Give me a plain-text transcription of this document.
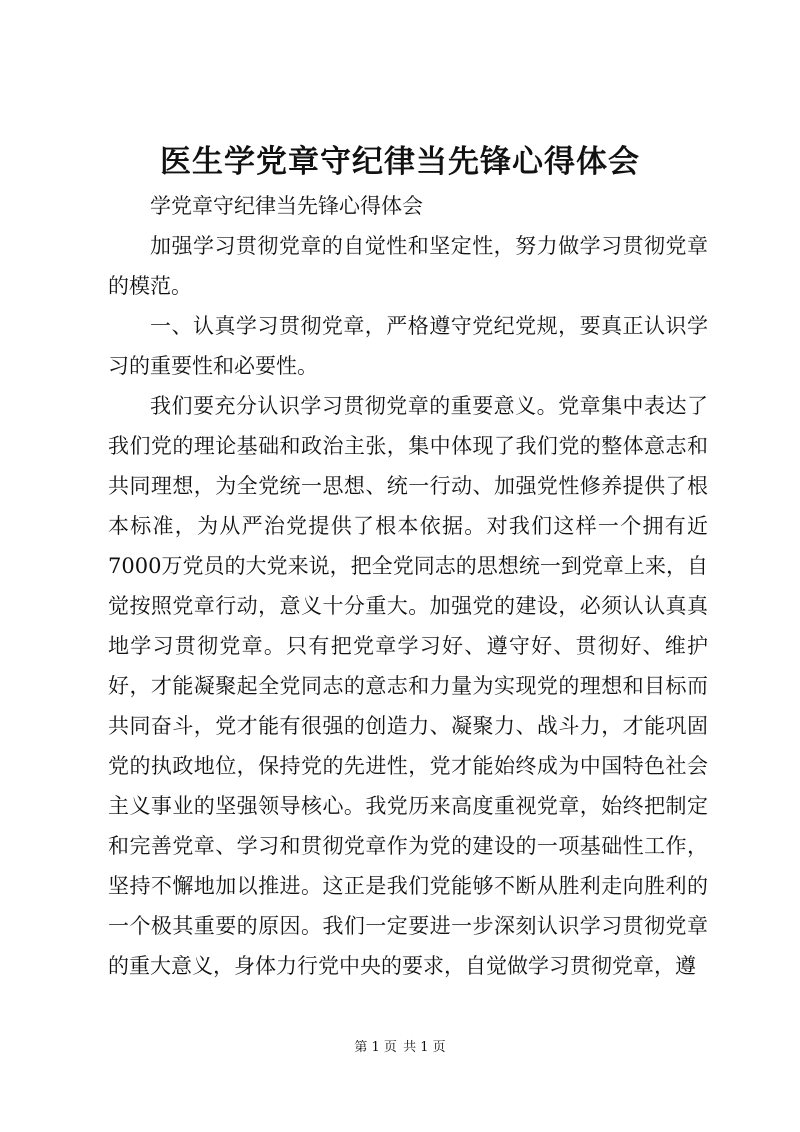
医生学党章守纪律当先锋心得体会

学党章守纪律当先锋心得体会

加强学习贯彻党章的自觉性和坚定性，努力做学习贯彻党章的模范。

一、认真学习贯彻党章，严格遵守党纪党规，要真正认识学习的重要性和必要性。

我们要充分认识学习贯彻党章的重要意义。党章集中表达了我们党的理论基础和政治主张，集中体现了我们党的整体意志和共同理想，为全党统一思想、统一行动、加强党性修养提供了根本标准，为从严治党提供了根本依据。对我们这样一个拥有近7000万党员的大党来说，把全党同志的思想统一到党章上来，自觉按照党章行动，意义十分重大。加强党的建设，必须认认真真地学习贯彻党章。只有把党章学习好、遵守好、贯彻好、维护好，才能凝聚起全党同志的意志和力量为实现党的理想和目标而共同奋斗，党才能有很强的创造力、凝聚力、战斗力，才能巩固党的执政地位，保持党的先进性，党才能始终成为中国特色社会主义事业的坚强领导核心。我党历来高度重视党章，始终把制定和完善党章、学习和贯彻党章作为党的建设的一项基础性工作，坚持不懈地加以推进。这正是我们党能够不断从胜利走向胜利的一个极其重要的原因。我们一定要进一步深刻认识学习贯彻党章的重大意义，身体力行党中央的要求，自觉做学习贯彻党章，遵

第 1 页 共 1 页
